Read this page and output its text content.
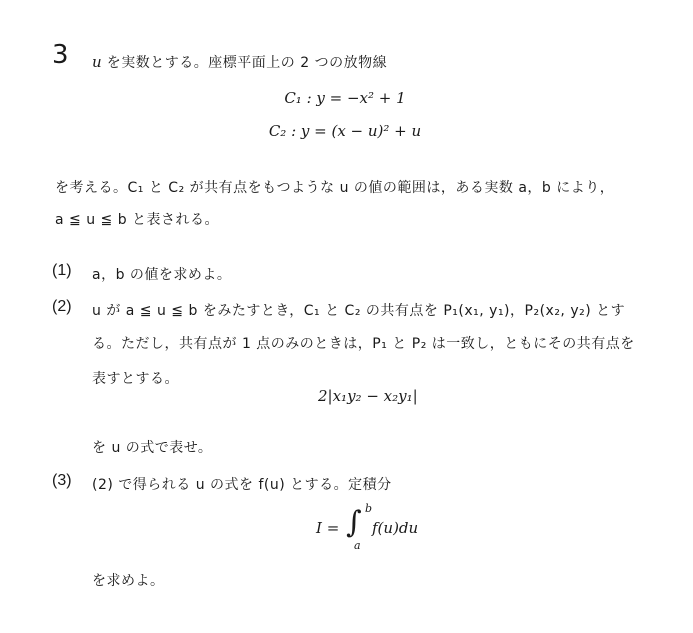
3 u を実数とする。座標平面上の 2 つの放物線
C₁ : y = −x² + 1
C₂ : y = (x − u)² + u
を考える。C₁ と C₂ が共有点をもつような u の値の範囲は，ある実数 a，b により，
a ≦ u ≦ b と表される。
(1) a，b の値を求めよ。
(2) u が a ≦ u ≦ b をみたすとき，C₁ と C₂ の共有点を P₁(x₁, y₁)，P₂(x₂, y₂) とす
る。ただし，共有点が 1 点のみのときは，P₁ と P₂ は一致し，ともにその共有点を
表すとする。
2|x₁y₂ − x₂y₁|
を u の式で表せ。
(3) (2) で得られる u の式を f(u) とする。定積分
I = ∫ b
a
f(u)du
を求めよ。
